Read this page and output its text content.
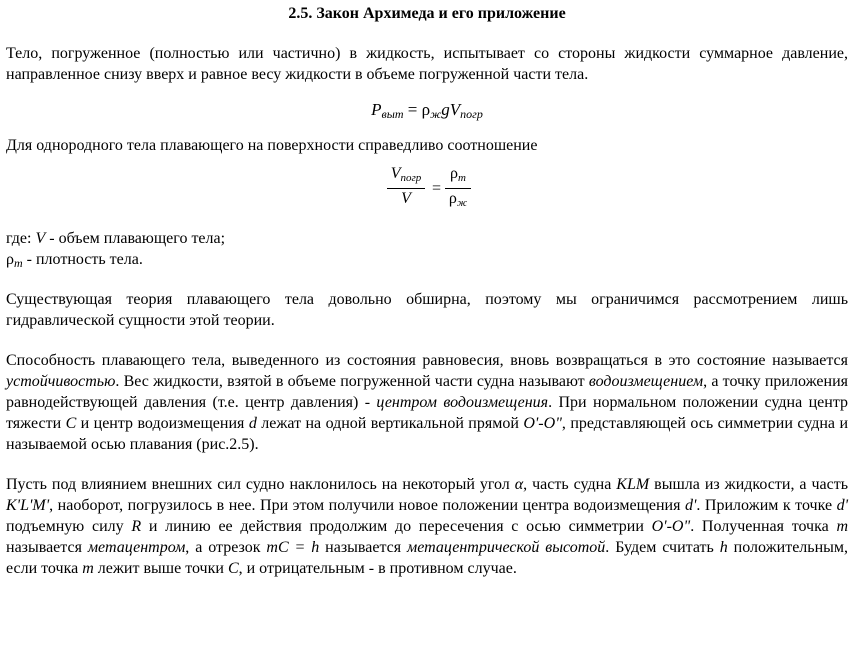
2.5. Закон Архимеда и его приложение

Тело, погруженное (полностью или частично) в жидкость, испытывает со стороны жидкости суммарное давление, направленное снизу вверх и равное весу жидкости в объеме погруженной части тела.

$P_{выт} = \rho_жgV_{погр}$

Для однородного тела плавающего на поверхности справедливо соотношение

$V_{погр}$
V
=
$\rho_т$
$\rho_ж$
где: V - объем плавающего тела;
$\rho_m$ - плотность тела.

Существующая теория плавающего тела довольно обширна, поэтому мы ограничимся рассмотрением лишь гидравлической сущности этой теории.

Способность плавающего тела, выведенного из состояния равновесия, вновь возвращаться в это состояние называется устойчивостью. Вес жидкости, взятой в объеме погруженной части судна называют водоизмещением, а точку приложения равнодействующей давления (т.е. центр давления) - центром водоизмещения. При нормальном положении судна центр тяжести C и центр водоизмещения d лежат на одной вертикальной прямой O'-O", представляющей ось симметрии судна и называемой осью плавания (рис.2.5).

Пусть под влиянием внешних сил судно наклонилось на некоторый угол α, часть судна KLM вышла из жидкости, а часть K'L'M', наоборот, погрузилось в нее. При этом получили новое положении центра водоизмещения d'. Приложим к точке d' подъемную силу R и линию ее действия продолжим до пересечения с осью симметрии O'-O". Полученная точка m называется метацентром, а отрезок mC = h называется метацентрической высотой. Будем считать h положительным, если точка m лежит выше точки C, и отрицательным - в противном случае.
